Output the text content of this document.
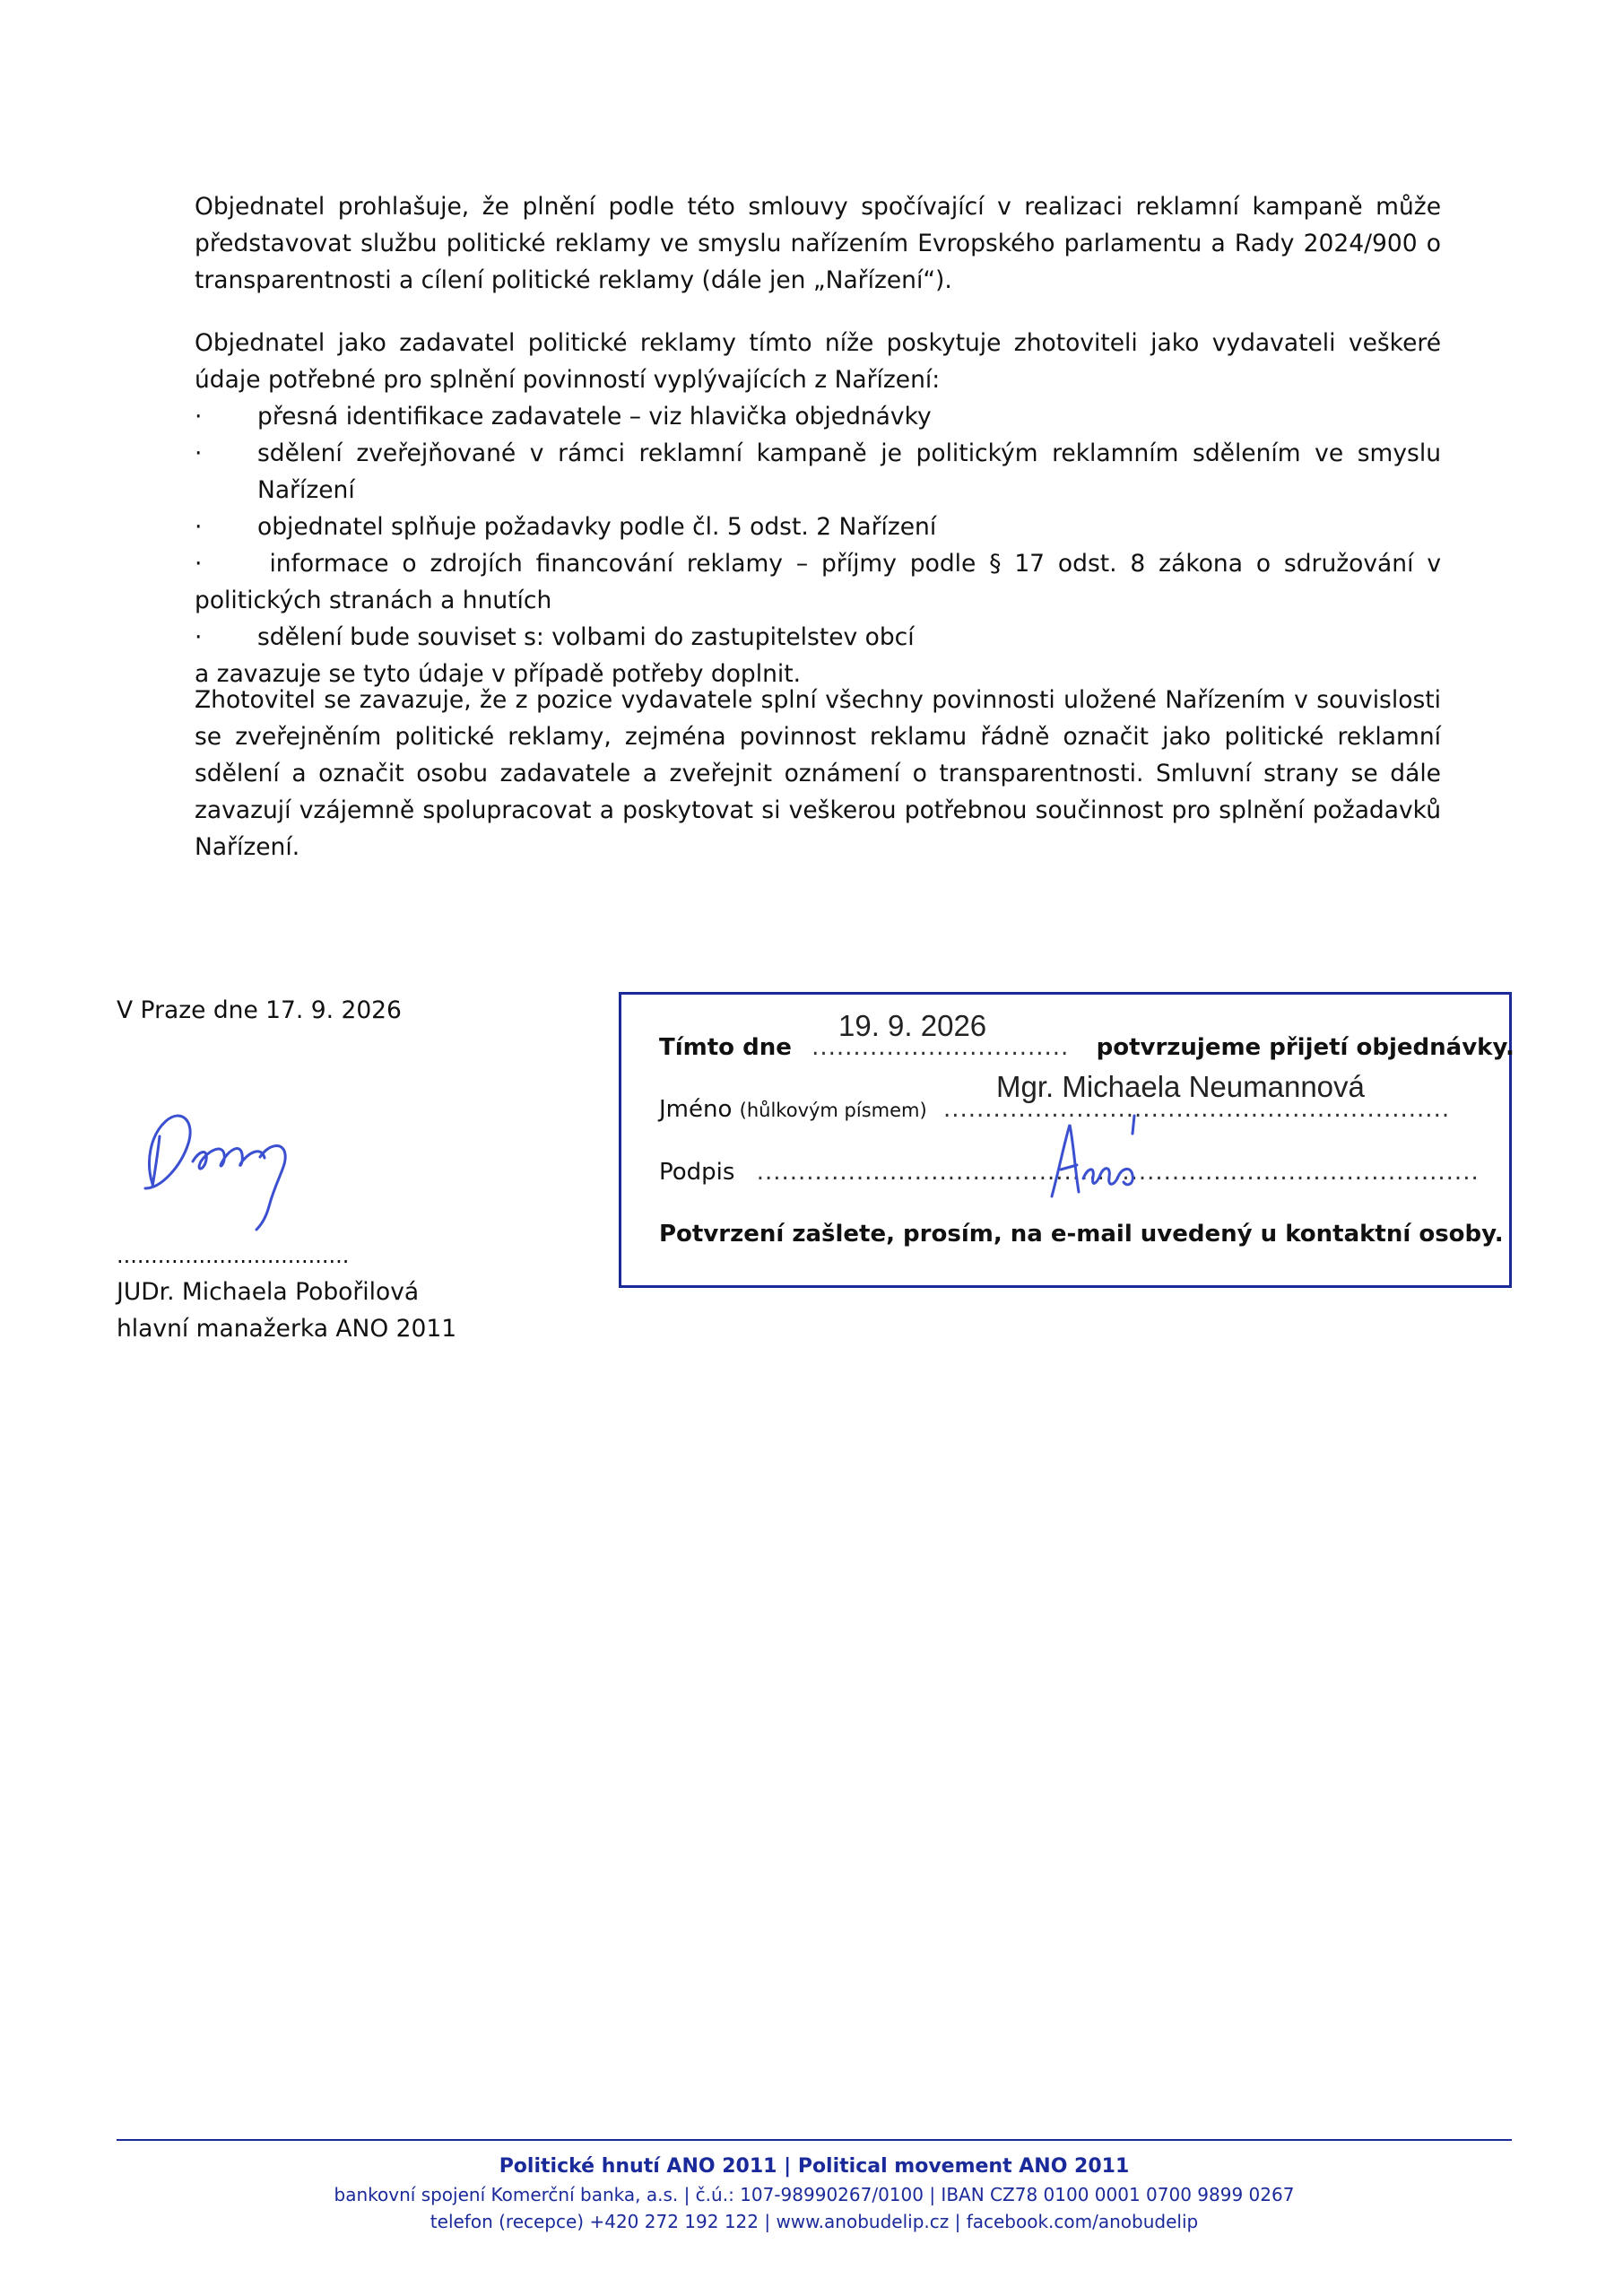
Objednatel prohlašuje, že plnění podle této smlouvy spočívající v realizaci reklamní kampaně může představovat službu politické reklamy ve smyslu nařízením Evropského parlamentu a Rady 2024/900 o transparentnosti a cílení politické reklamy (dále jen „Nařízení“).

Objednatel jako zadavatel politické reklamy tímto níže poskytuje zhotoviteli jako vydavateli veškeré údaje potřebné pro splnění povinností vyplývajících z Nařízení:
· přesná identifikace zadavatele – viz hlavička objednávky
· sdělení zveřejňované v rámci reklamní kampaně je politickým reklamním sdělením ve smyslu Nařízení
· objednatel splňuje požadavky podle čl. 5 odst. 2 Nařízení
·	informace o zdrojích financování reklamy – příjmy podle § 17 odst. 8 zákona o sdružování v politických stranách a hnutích
· sdělení bude souviset s: volbami do zastupitelstev obcí
a zavazuje se tyto údaje v případě potřeby doplnit.

Zhotovitel se zavazuje, že z pozice vydavatele splní všechny povinnosti uložené Nařízením v souvislosti se zveřejněním politické reklamy, zejména povinnost reklamu řádně označit jako politické reklamní sdělení a označit osobu zadavatele a zveřejnit oznámení o transparentnosti. Smluvní strany se dále zavazují vzájemně spolupracovat a poskytovat si veškerou potřebnou součinnost pro splnění požadavků Nařízení.

V Praze dne 17. 9. 2026
..................................
JUDr. Michaela Pobořilová
hlavní manažerka ANO 2011
Tímto dne ............................... potvrzujeme přijetí objednávky.
19. 9. 2026
Jméno (hůlkovým písmem) .............................................................
Mgr. Michaela Neumannová
Podpis .......................................................................................
Potvrzení zašlete, prosím, na e-mail uvedený u kontaktní osoby.
Politické hnutí ANO 2011 | Political movement ANO 2011
bankovní spojení Komerční banka, a.s. | č.ú.: 107-98990267/0100 | IBAN CZ78 0100 0001 0700 9899 0267
telefon (recepce) +420 272 192 122 | www.anobudelip.cz | facebook.com/anobudelip
